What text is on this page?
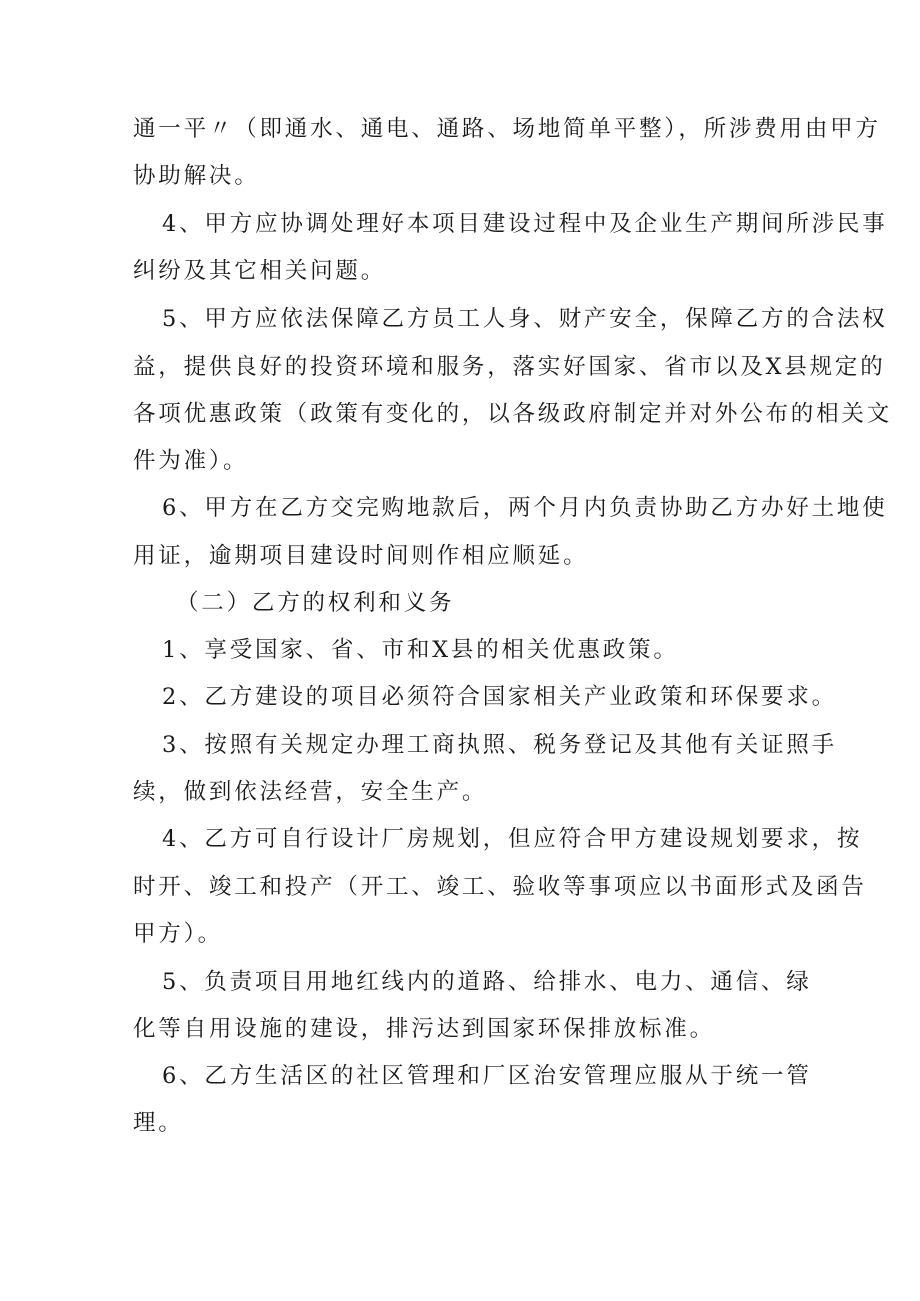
通一平〃（即通水、通电、通路、场地简单平整），所涉费用由甲方
协助解决。
4、甲方应协调处理好本项目建设过程中及企业生产期间所涉民事
纠纷及其它相关问题。
5、甲方应依法保障乙方员工人身、财产安全，保障乙方的合法权
益，提供良好的投资环境和服务，落实好国家、省市以及X县规定的
各项优惠政策（政策有变化的，以各级政府制定并对外公布的相关文
件为准）。
6、甲方在乙方交完购地款后，两个月内负责协助乙方办好土地使
用证，逾期项目建设时间则作相应顺延。
（二）乙方的权利和义务
1、享受国家、省、市和X县的相关优惠政策。
2、乙方建设的项目必须符合国家相关产业政策和环保要求。
3、按照有关规定办理工商执照、税务登记及其他有关证照手
续，做到依法经营，安全生产。
4、乙方可自行设计厂房规划，但应符合甲方建设规划要求，按
时开、竣工和投产（开工、竣工、验收等事项应以书面形式及函告
甲方）。
5、负责项目用地红线内的道路、给排水、电力、通信、绿
化等自用设施的建设，排污达到国家环保排放标准。
6、乙方生活区的社区管理和厂区治安管理应服从于统一管
理。
